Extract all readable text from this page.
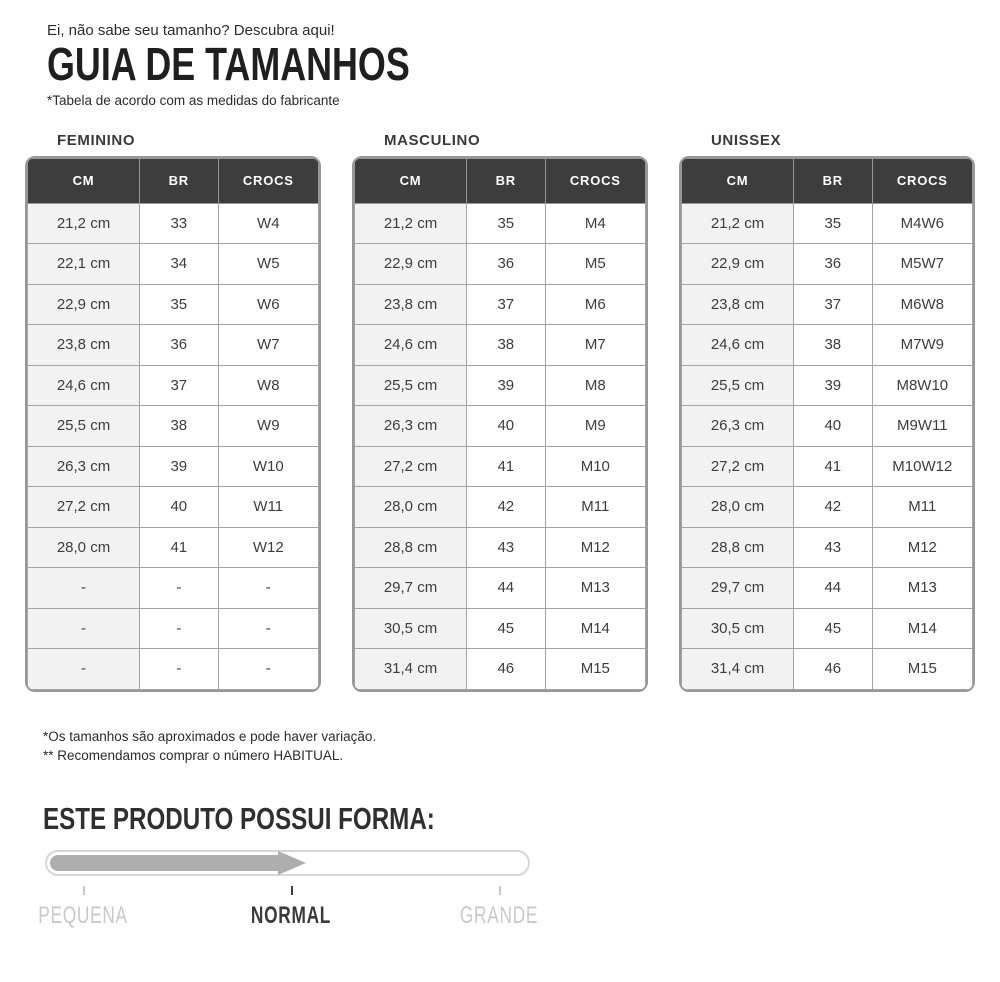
Ei, não sabe seu tamanho? Descubra aqui!

GUIA DE TAMANHOS

*Tabela de acordo com as medidas do fabricante

FEMININO
CM	BR	CROCS
21,2 cm	33	W4
22,1 cm	34	W5
22,9 cm	35	W6
23,8 cm	36	W7
24,6 cm	37	W8
25,5 cm	38	W9
26,3 cm	39	W10
27,2 cm	40	W11
28,0 cm	41	W12
-	-	-
-	-	-
-	-	-
MASCULINO
CM	BR	CROCS
21,2 cm	35	M4
22,9 cm	36	M5
23,8 cm	37	M6
24,6 cm	38	M7
25,5 cm	39	M8
26,3 cm	40	M9
27,2 cm	41	M10
28,0 cm	42	M11
28,8 cm	43	M12
29,7 cm	44	M13
30,5 cm	45	M14
31,4 cm	46	M15
UNISSEX
CM	BR	CROCS
21,2 cm	35	M4W6
22,9 cm	36	M5W7
23,8 cm	37	M6W8
24,6 cm	38	M7W9
25,5 cm	39	M8W10
26,3 cm	40	M9W11
27,2 cm	41	M10W12
28,0 cm	42	M11
28,8 cm	43	M12
29,7 cm	44	M13
30,5 cm	45	M14
31,4 cm	46	M15

*Os tamanhos são aproximados e pode haver variação.

** Recomendamos comprar o número HABITUAL.

ESTE PRODUTO POSSUI FORMA:
PEQUENA	NORMAL	GRANDE
